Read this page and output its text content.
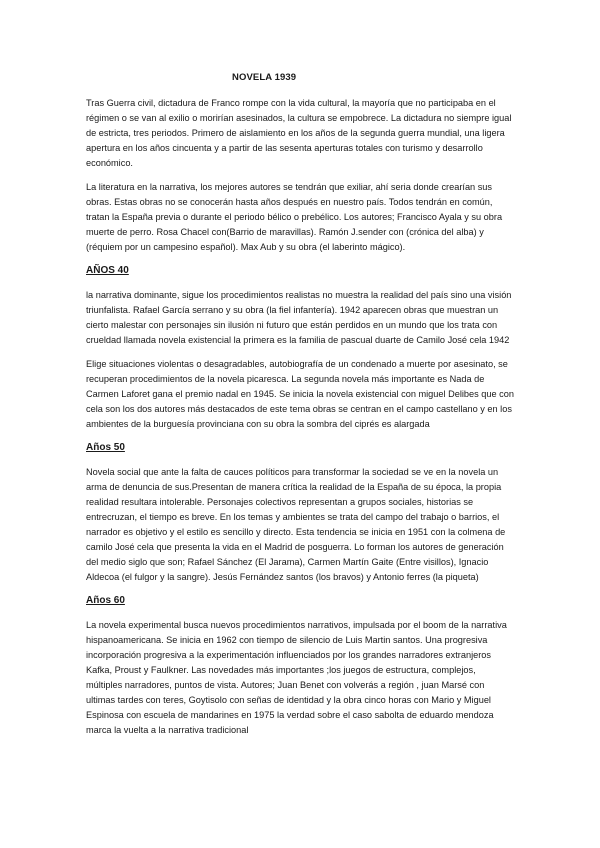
NOVELA 1939

Tras Guerra civil, dictadura de Franco rompe con la vida cultural, la mayoría que no participaba en el régimen o se van al exilio o morirían asesinados, la cultura se empobrece. La dictadura no siempre igual de estricta, tres periodos. Primero de aislamiento en los años de la segunda guerra mundial, una ligera apertura en los años cincuenta y a partir de las sesenta aperturas totales con turismo y desarrollo económico.

La literatura en la narrativa, los mejores autores se tendrán que exiliar, ahí seria donde crearían sus obras. Estas obras no se conocerán hasta años después en nuestro país. Todos tendrán en común, tratan la España previa o durante el periodo bélico o prebélico. Los autores; Francisco Ayala y su obra muerte de perro. Rosa Chacel con(Barrio de maravillas). Ramón J.sender con (crónica del alba) y (réquiem por un campesino español). Max Aub y su obra (el laberinto mágico).

AÑOS 40

la narrativa dominante, sigue los procedimientos realistas no muestra la realidad del país sino una visión triunfalista. Rafael García serrano y su obra (la fiel infantería). 1942 aparecen obras que muestran un cierto malestar con personajes sin ilusión ni futuro que están perdidos en un mundo que los trata con crueldad llamada novela existencial la primera es la familia de pascual duarte de Camilo José cela 1942

Elige situaciones violentas o desagradables, autobiografía de un condenado a muerte por asesinato, se recuperan procedimientos de la novela picaresca. La segunda novela más importante es Nada de Carmen Laforet gana el premio nadal en 1945. Se inicia la novela existencial con miguel Delibes que con cela son los dos autores más destacados de este tema obras se centran en el campo castellano y en los ambientes de la burguesía provinciana con su obra la sombra del ciprés es alargada

Años 50

Novela social que ante la falta de cauces políticos para transformar la sociedad se ve en la novela un arma de denuncia de sus.Presentan de manera crítica la realidad de la España de su época, la propia realidad resultara intolerable. Personajes colectivos representan a grupos sociales, historias se entrecruzan, el tiempo es breve. En los temas y ambientes se trata del campo del trabajo o barrios, el narrador es objetivo y el estilo es sencillo y directo. Esta tendencia se inicia en 1951 con la colmena de camilo José cela que presenta la vida en el Madrid de posguerra. Lo forman los autores de generación del medio siglo que son; Rafael Sánchez (El Jarama), Carmen Martín Gaite (Entre visillos), Ignacio Aldecoa (el fulgor y la sangre). Jesús Fernández santos (los bravos) y Antonio ferres (la piqueta)

Años 60

La novela experimental busca nuevos procedimientos narrativos, impulsada por el boom de la narrativa hispanoamericana. Se inicia en 1962 con tiempo de silencio de Luis Martin santos. Una progresiva incorporación progresiva a la experimentación influenciados por los grandes narradores extranjeros Kafka, Proust y Faulkner. Las novedades más importantes ;los juegos de estructura, complejos, múltiples narradores, puntos de vista. Autores; Juan Benet con volverás a región , juan Marsé con ultimas tardes con teres, Goytisolo con señas de identidad y la obra cinco horas con Mario y Miguel Espinosa con escuela de mandarines en 1975 la verdad sobre el caso sabolta de eduardo mendoza marca la vuelta a la narrativa tradicional
